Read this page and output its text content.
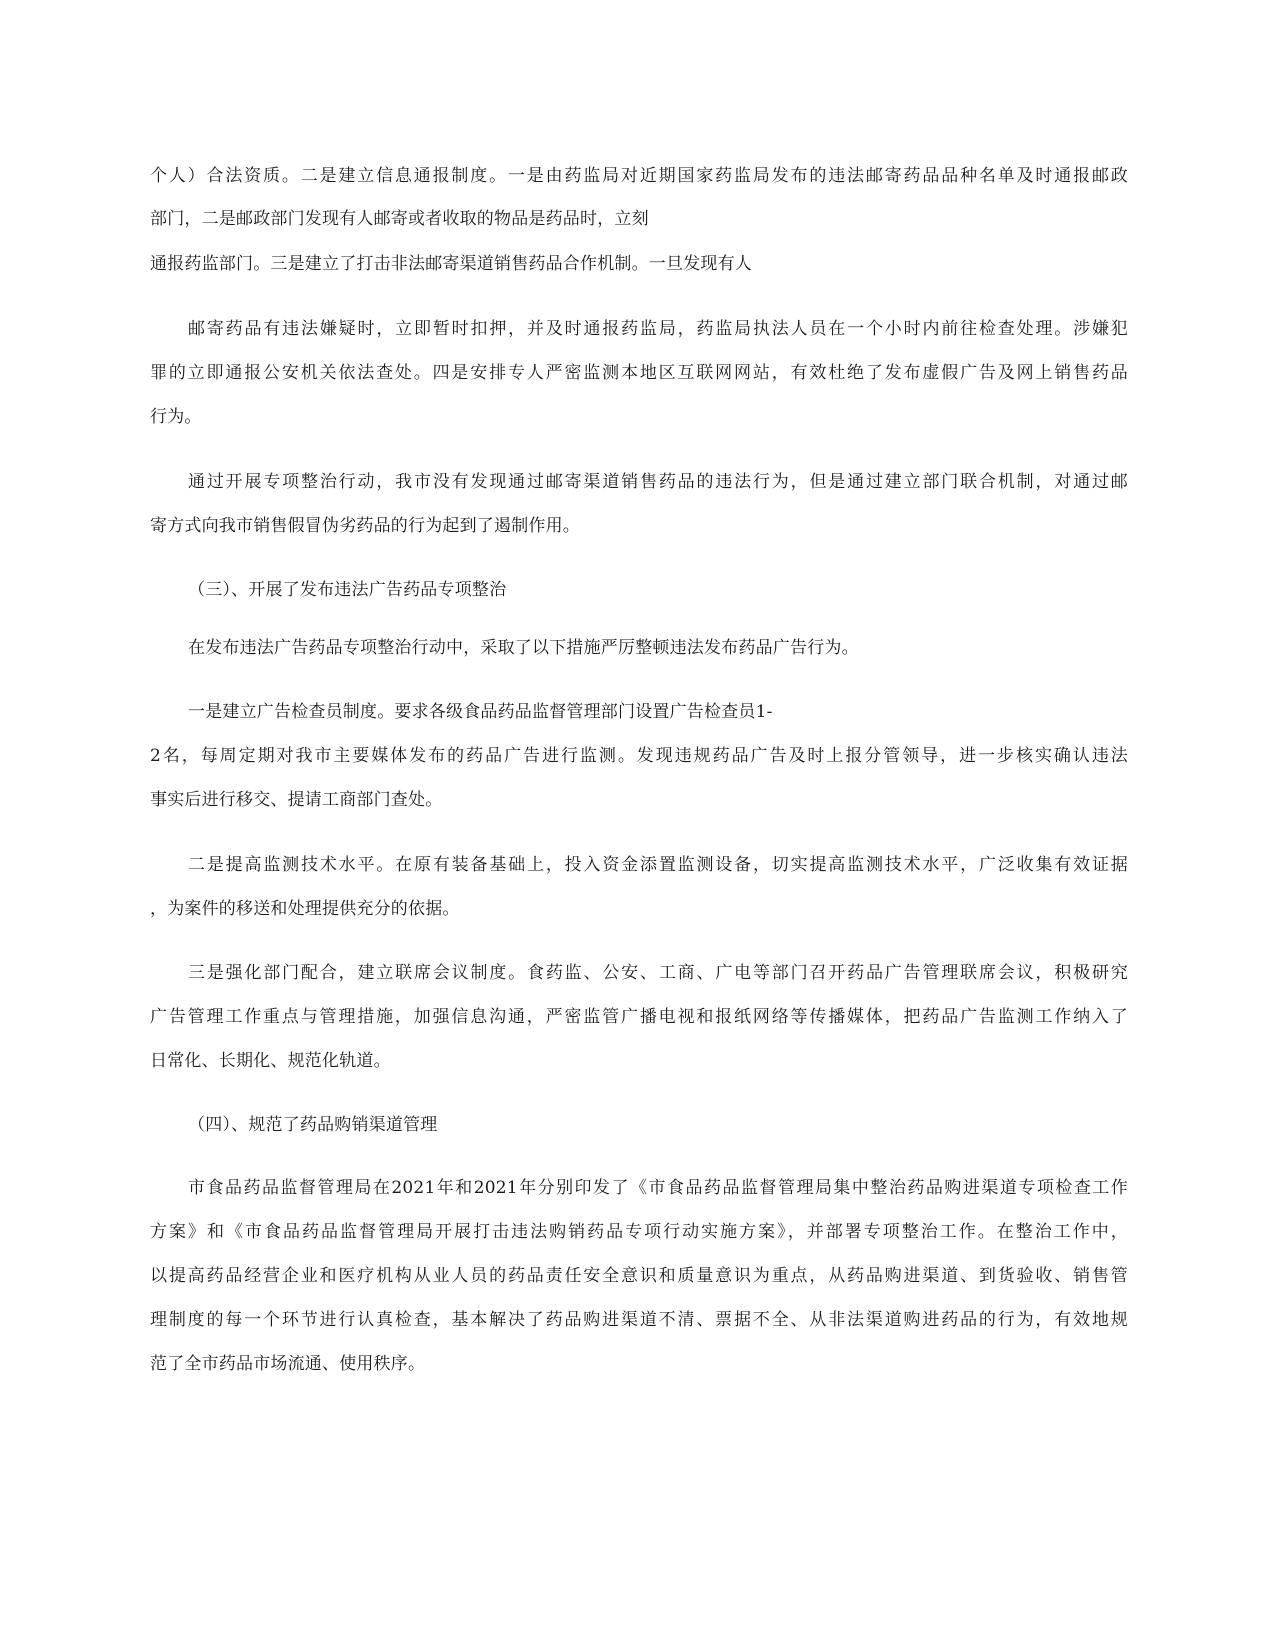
个人）合法资质。二是建立信息通报制度。一是由药监局对近期国家药监局发布的违法邮寄药品品种名单及时通报邮政
部门，二是邮政部门发现有人邮寄或者收取的物品是药品时，立刻
通报药监部门。三是建立了打击非法邮寄渠道销售药品合作机制。一旦发现有人
邮寄药品有违法嫌疑时，立即暂时扣押，并及时通报药监局，药监局执法人员在一个小时内前往检查处理。涉嫌犯
罪的立即通报公安机关依法查处。四是安排专人严密监测本地区互联网网站，有效杜绝了发布虚假广告及网上销售药品
行为。
通过开展专项整治行动，我市没有发现通过邮寄渠道销售药品的违法行为，但是通过建立部门联合机制，对通过邮
寄方式向我市销售假冒伪劣药品的行为起到了遏制作用。
（三）、开展了发布违法广告药品专项整治
在发布违法广告药品专项整治行动中，采取了以下措施严厉整顿违法发布药品广告行为。
一是建立广告检查员制度。要求各级食品药品监督管理部门设置广告检查员1-
2名，每周定期对我市主要媒体发布的药品广告进行监测。发现违规药品广告及时上报分管领导，进一步核实确认违法
事实后进行移交、提请工商部门查处。
二是提高监测技术水平。在原有装备基础上，投入资金添置监测设备，切实提高监测技术水平，广泛收集有效证据
，为案件的移送和处理提供充分的依据。
三是强化部门配合，建立联席会议制度。食药监、公安、工商、广电等部门召开药品广告管理联席会议，积极研究
广告管理工作重点与管理措施，加强信息沟通，严密监管广播电视和报纸网络等传播媒体，把药品广告监测工作纳入了
日常化、长期化、规范化轨道。
（四）、规范了药品购销渠道管理
市食品药品监督管理局在2021年和2021年分别印发了《市食品药品监督管理局集中整治药品购进渠道专项检查工作
方案》和《市食品药品监督管理局开展打击违法购销药品专项行动实施方案》，并部署专项整治工作。在整治工作中，
以提高药品经营企业和医疗机构从业人员的药品责任安全意识和质量意识为重点，从药品购进渠道、到货验收、销售管
理制度的每一个环节进行认真检查，基本解决了药品购进渠道不清、票据不全、从非法渠道购进药品的行为，有效地规
范了全市药品市场流通、使用秩序。
